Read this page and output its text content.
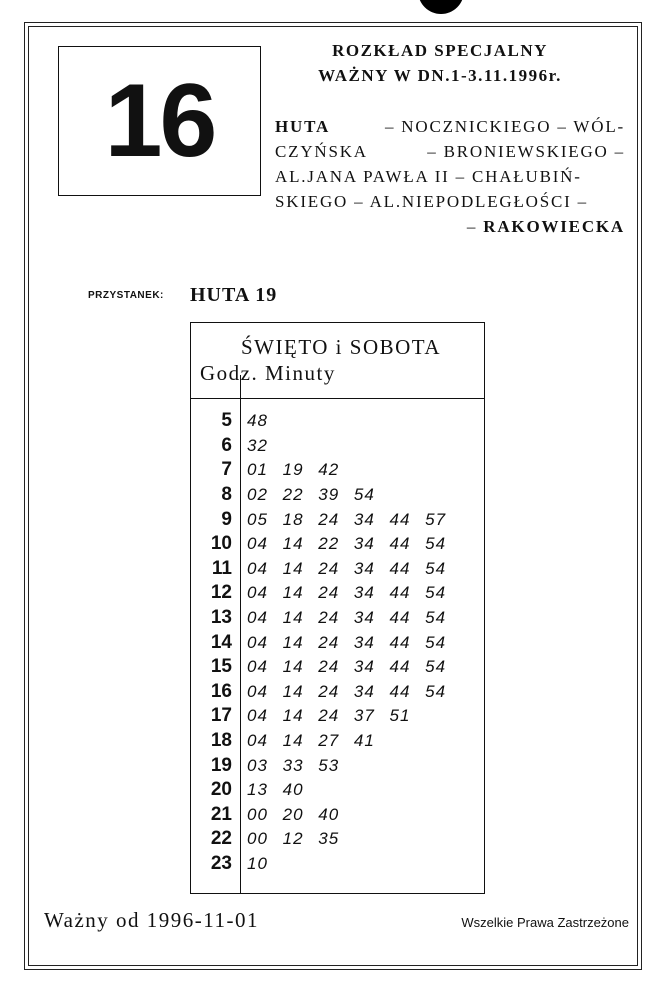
16
ROZKŁAD SPECJALNY
WAŻNY W DN.1-3.11.1996r.
HUTA	– NOCZNICKIEGO – WÓL-
CZYŃSKA	– BRONIEWSKIEGO –
AL.JANA PAWŁA II – CHAŁUBIŃ-
SKIEGO – AL.NIEPODLEGŁOŚCI –
–
RAKOWIECKA
PRZYSTANEK: HUTA 19
ŚWIĘTO i SOBOTA
Godz. Minuty
5 48
6 32
7 01 19 42
8 02 22 39 54
9 05 18 24 34 44 57
10 04 14 22 34 44 54
11 04 14 24 34 44 54
12 04 14 24 34 44 54
13 04 14 24 34 44 54
14 04 14 24 34 44 54
15 04 14 24 34 44 54
16 04 14 24 34 44 54
17 04 14 24 37 51
18 04 14 27 41
19 03 33 53
20 13 40
21 00 20 40
22 00 12 35
23 10
Ważny od 1996-11-01	Wszelkie Prawa Zastrzeżone
